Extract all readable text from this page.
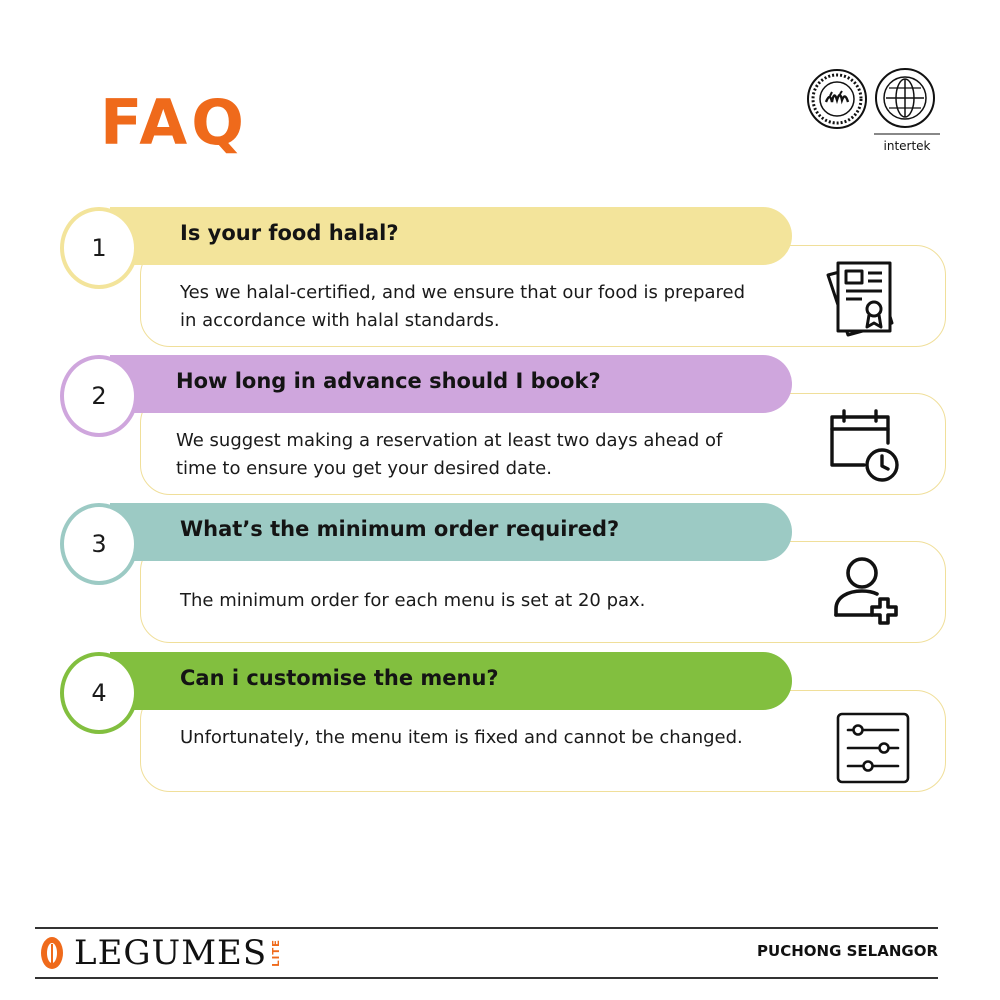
FAQ	intertek
1
Is your food halal?
Yes we halal-certified, and we ensure that our food is prepared in accordance with halal standards.
2
How long in advance should I book?
We suggest making a reservation at least two days ahead of time to ensure you get your desired date.
3
What’s the minimum order required?
The minimum order for each menu is set at 20 pax.
4
Can i customise the menu?
Unfortunately, the menu item is fixed and cannot be changed.
LEGUMES LITE	PUCHONG SELANGOR
